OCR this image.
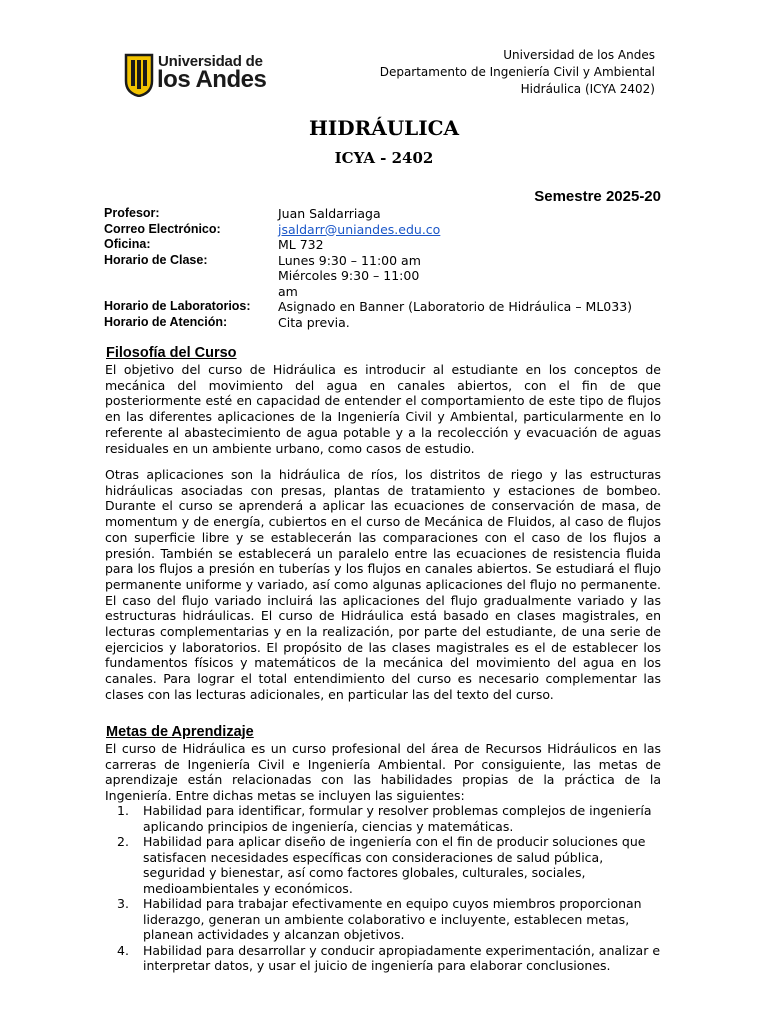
Universidad de
los Andes
Universidad de los Andes
Departamento de Ingeniería Civil y Ambiental
Hidráulica (ICYA 2402)
HIDRÁULICA
ICYA - 2402
Semestre 2025-20
Profesor:	Juan Saldarriaga
Correo Electrónico:	jsaldarr@uniandes.edu.co
Oficina:	ML 732
Horario de Clase:	Lunes 9:30 – 11:00 am
Miércoles 9:30 – 11:00 am
Horario de Laboratorios:	Asignado en Banner (Laboratorio de Hidráulica – ML033)
Horario de Atención:	Cita previa.
Filosofía del Curso
El objetivo del curso de Hidráulica es introducir al estudiante en los conceptos de mecánica del movimiento del agua en canales abiertos, con el fin de que posteriormente esté en capacidad de entender el comportamiento de este tipo de flujos en las diferentes aplicaciones de la Ingeniería Civil y Ambiental, particularmente en lo referente al abastecimiento de agua potable y a la recolección y evacuación de aguas residuales en un ambiente urbano, como casos de estudio.
Otras aplicaciones son la hidráulica de ríos, los distritos de riego y las estructuras hidráulicas asociadas con presas, plantas de tratamiento y estaciones de bombeo. Durante el curso se aprenderá a aplicar las ecuaciones de conservación de masa, de momentum y de energía, cubiertos en el curso de Mecánica de Fluidos, al caso de flujos con superficie libre y se establecerán las comparaciones con el caso de los flujos a presión. También se establecerá un paralelo entre las ecuaciones de resistencia fluida para los flujos a presión en tuberías y los flujos en canales abiertos. Se estudiará el flujo permanente uniforme y variado, así como algunas aplicaciones del flujo no permanente. El caso del flujo variado incluirá las aplicaciones del flujo gradualmente variado y las estructuras hidráulicas. El curso de Hidráulica está basado en clases magistrales, en lecturas complementarias y en la realización, por parte del estudiante, de una serie de ejercicios y laboratorios. El propósito de las clases magistrales es el de establecer los fundamentos físicos y matemáticos de la mecánica del movimiento del agua en los canales. Para lograr el total entendimiento del curso es necesario complementar las clases con las lecturas adicionales, en particular las del texto del curso.
Metas de Aprendizaje
El curso de Hidráulica es un curso profesional del área de Recursos Hidráulicos en las carreras de Ingeniería Civil e Ingeniería Ambiental. Por consiguiente, las metas de aprendizaje están relacionadas con las habilidades propias de la práctica de la Ingeniería. Entre dichas metas se incluyen las siguientes:
1.	Habilidad para identificar, formular y resolver problemas complejos de ingeniería aplicando principios de ingeniería, ciencias y matemáticas.
2.	Habilidad para aplicar diseño de ingeniería con el fin de producir soluciones que satisfacen necesidades específicas con consideraciones de salud pública, seguridad y bienestar, así como factores globales, culturales, sociales, medioambientales y económicos.
3.	Habilidad para trabajar efectivamente en equipo cuyos miembros proporcionan liderazgo, generan un ambiente colaborativo e incluyente, establecen metas, planean actividades y alcanzan objetivos.
4.	Habilidad para desarrollar y conducir apropiadamente experimentación, analizar e interpretar datos, y usar el juicio de ingeniería para elaborar conclusiones.
